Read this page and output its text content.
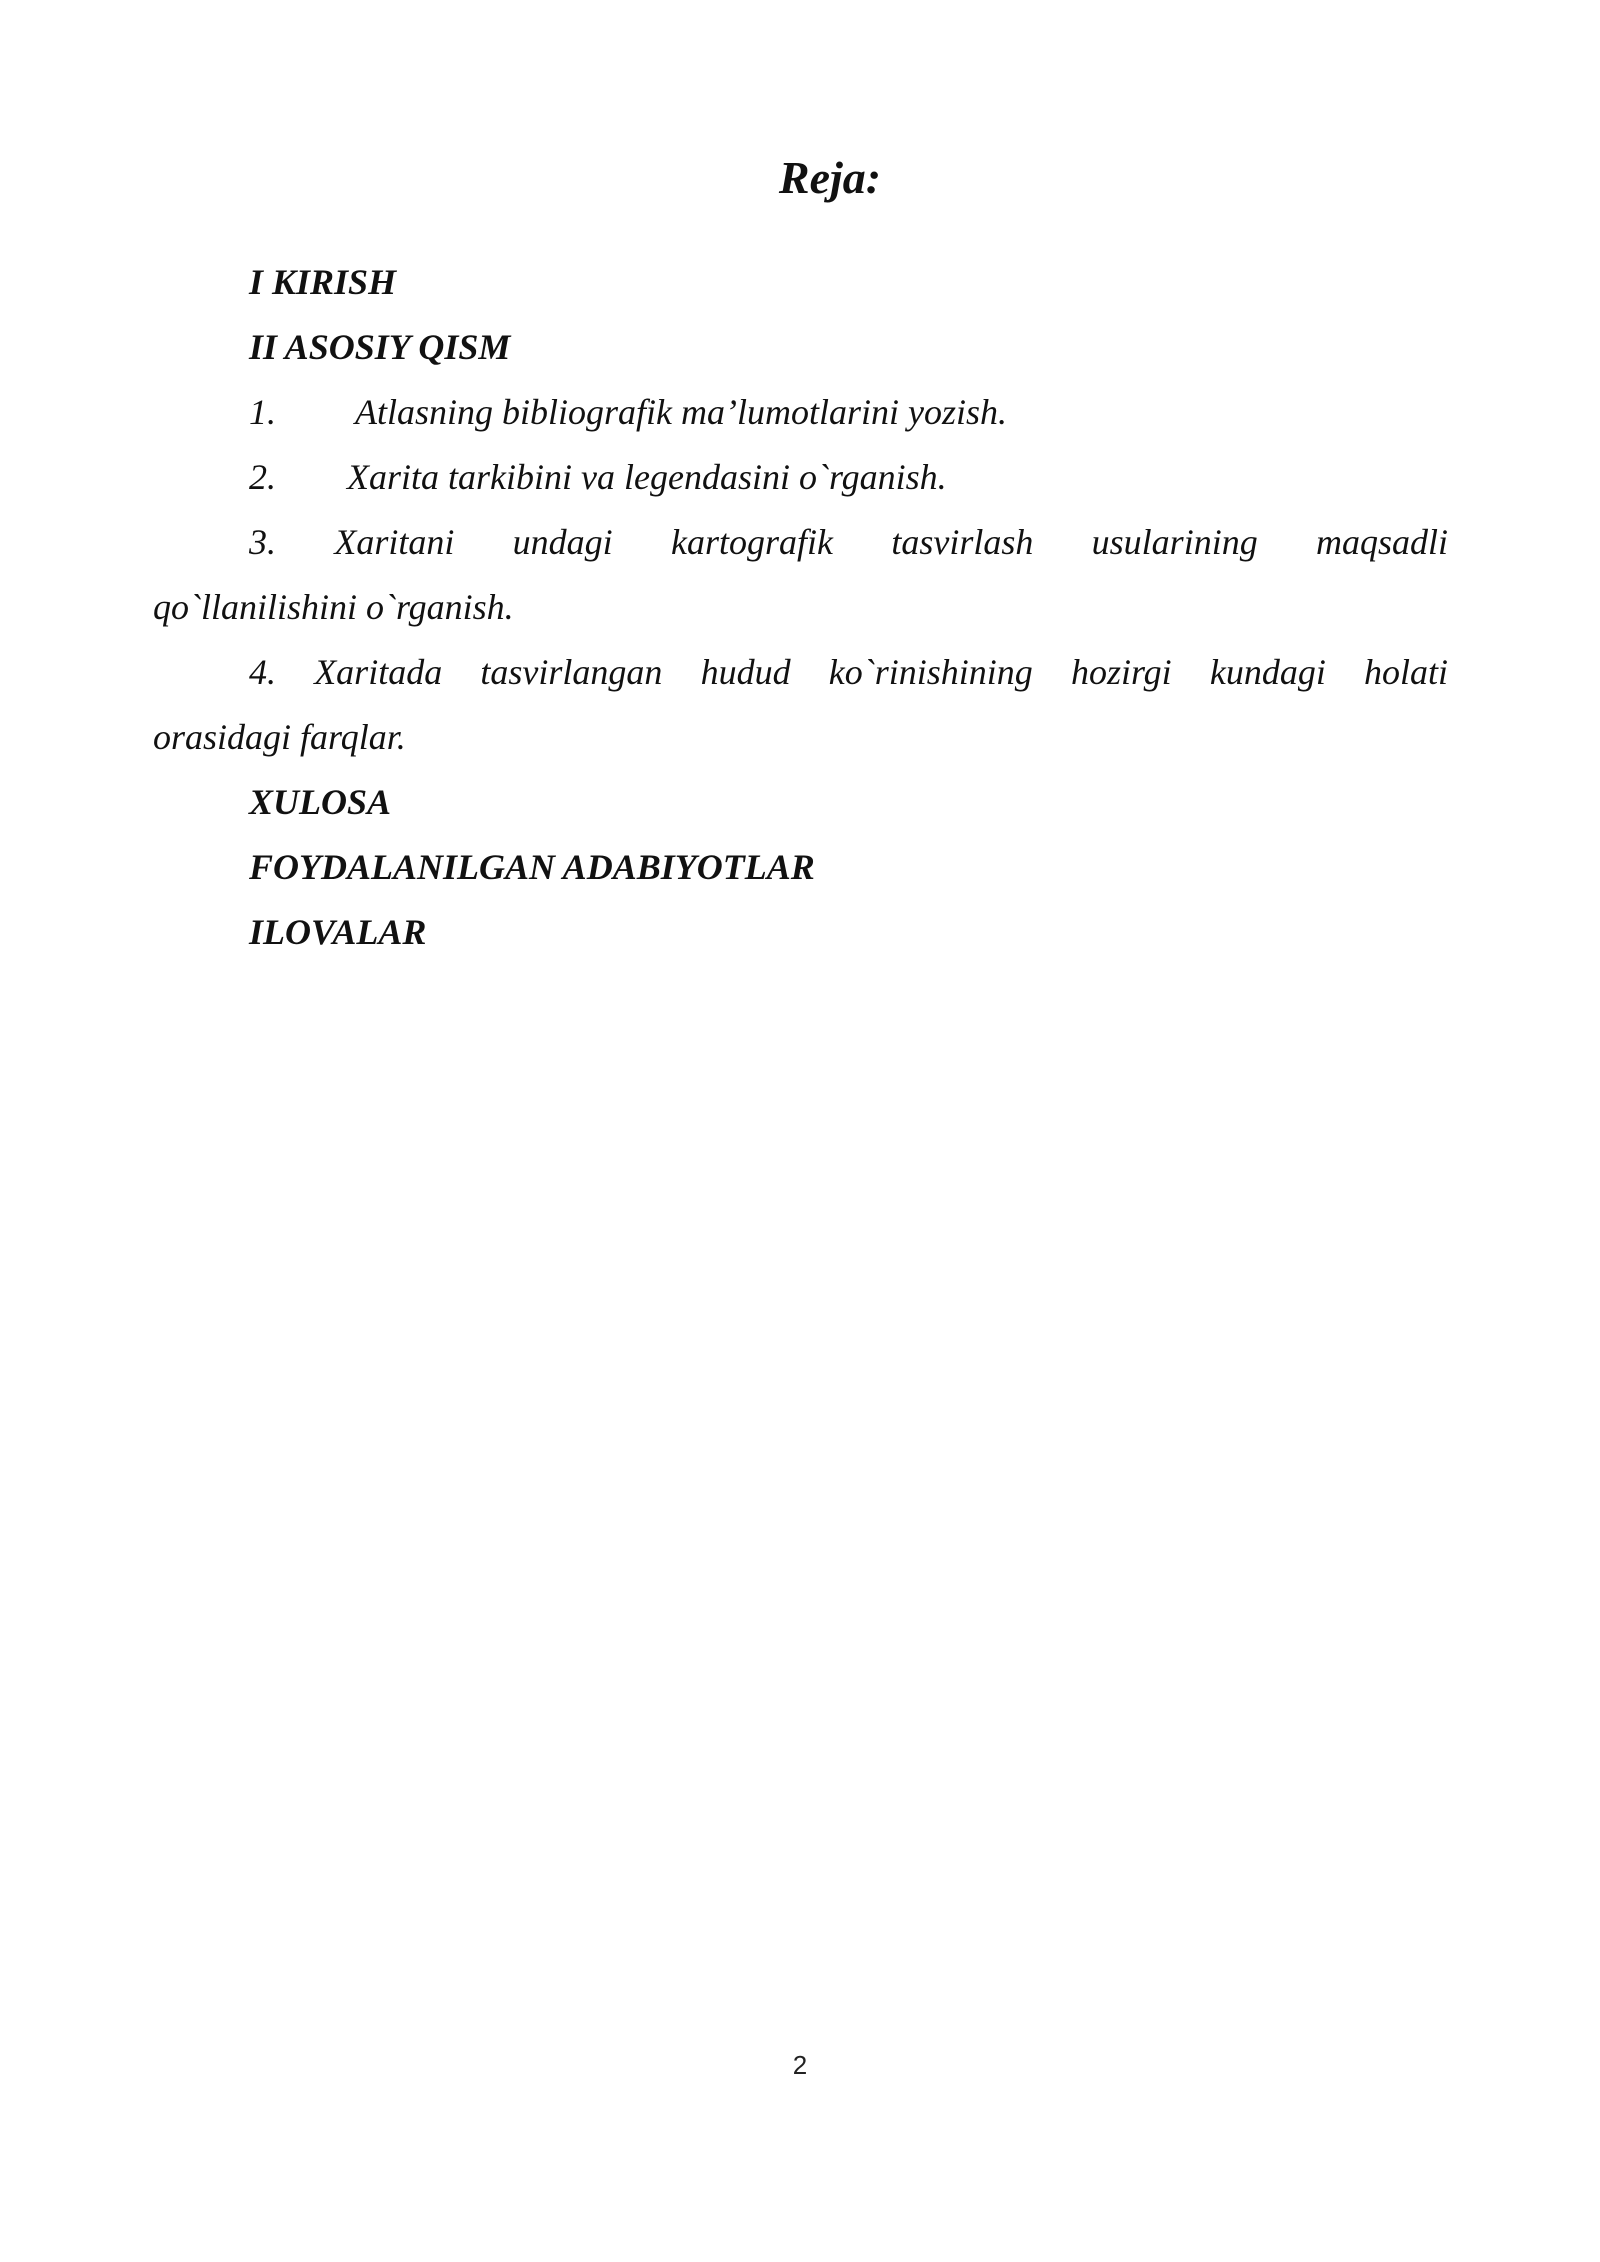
Reja:
I KIRISH
II ASOSIY QISM
1. Atlasning bibliografik ma’lumotlarini yozish.
2. Xarita tarkibini va legendasini o`rganish.
3. Xaritani undagi kartografik tasvirlash usularining maqsadli
qo`llanilishini o`rganish.
4. Xaritada tasvirlangan hudud ko`rinishining hozirgi kundagi holati
orasidagi farqlar.
XULOSA
FOYDALANILGAN ADABIYOTLAR
ILOVALAR
2
